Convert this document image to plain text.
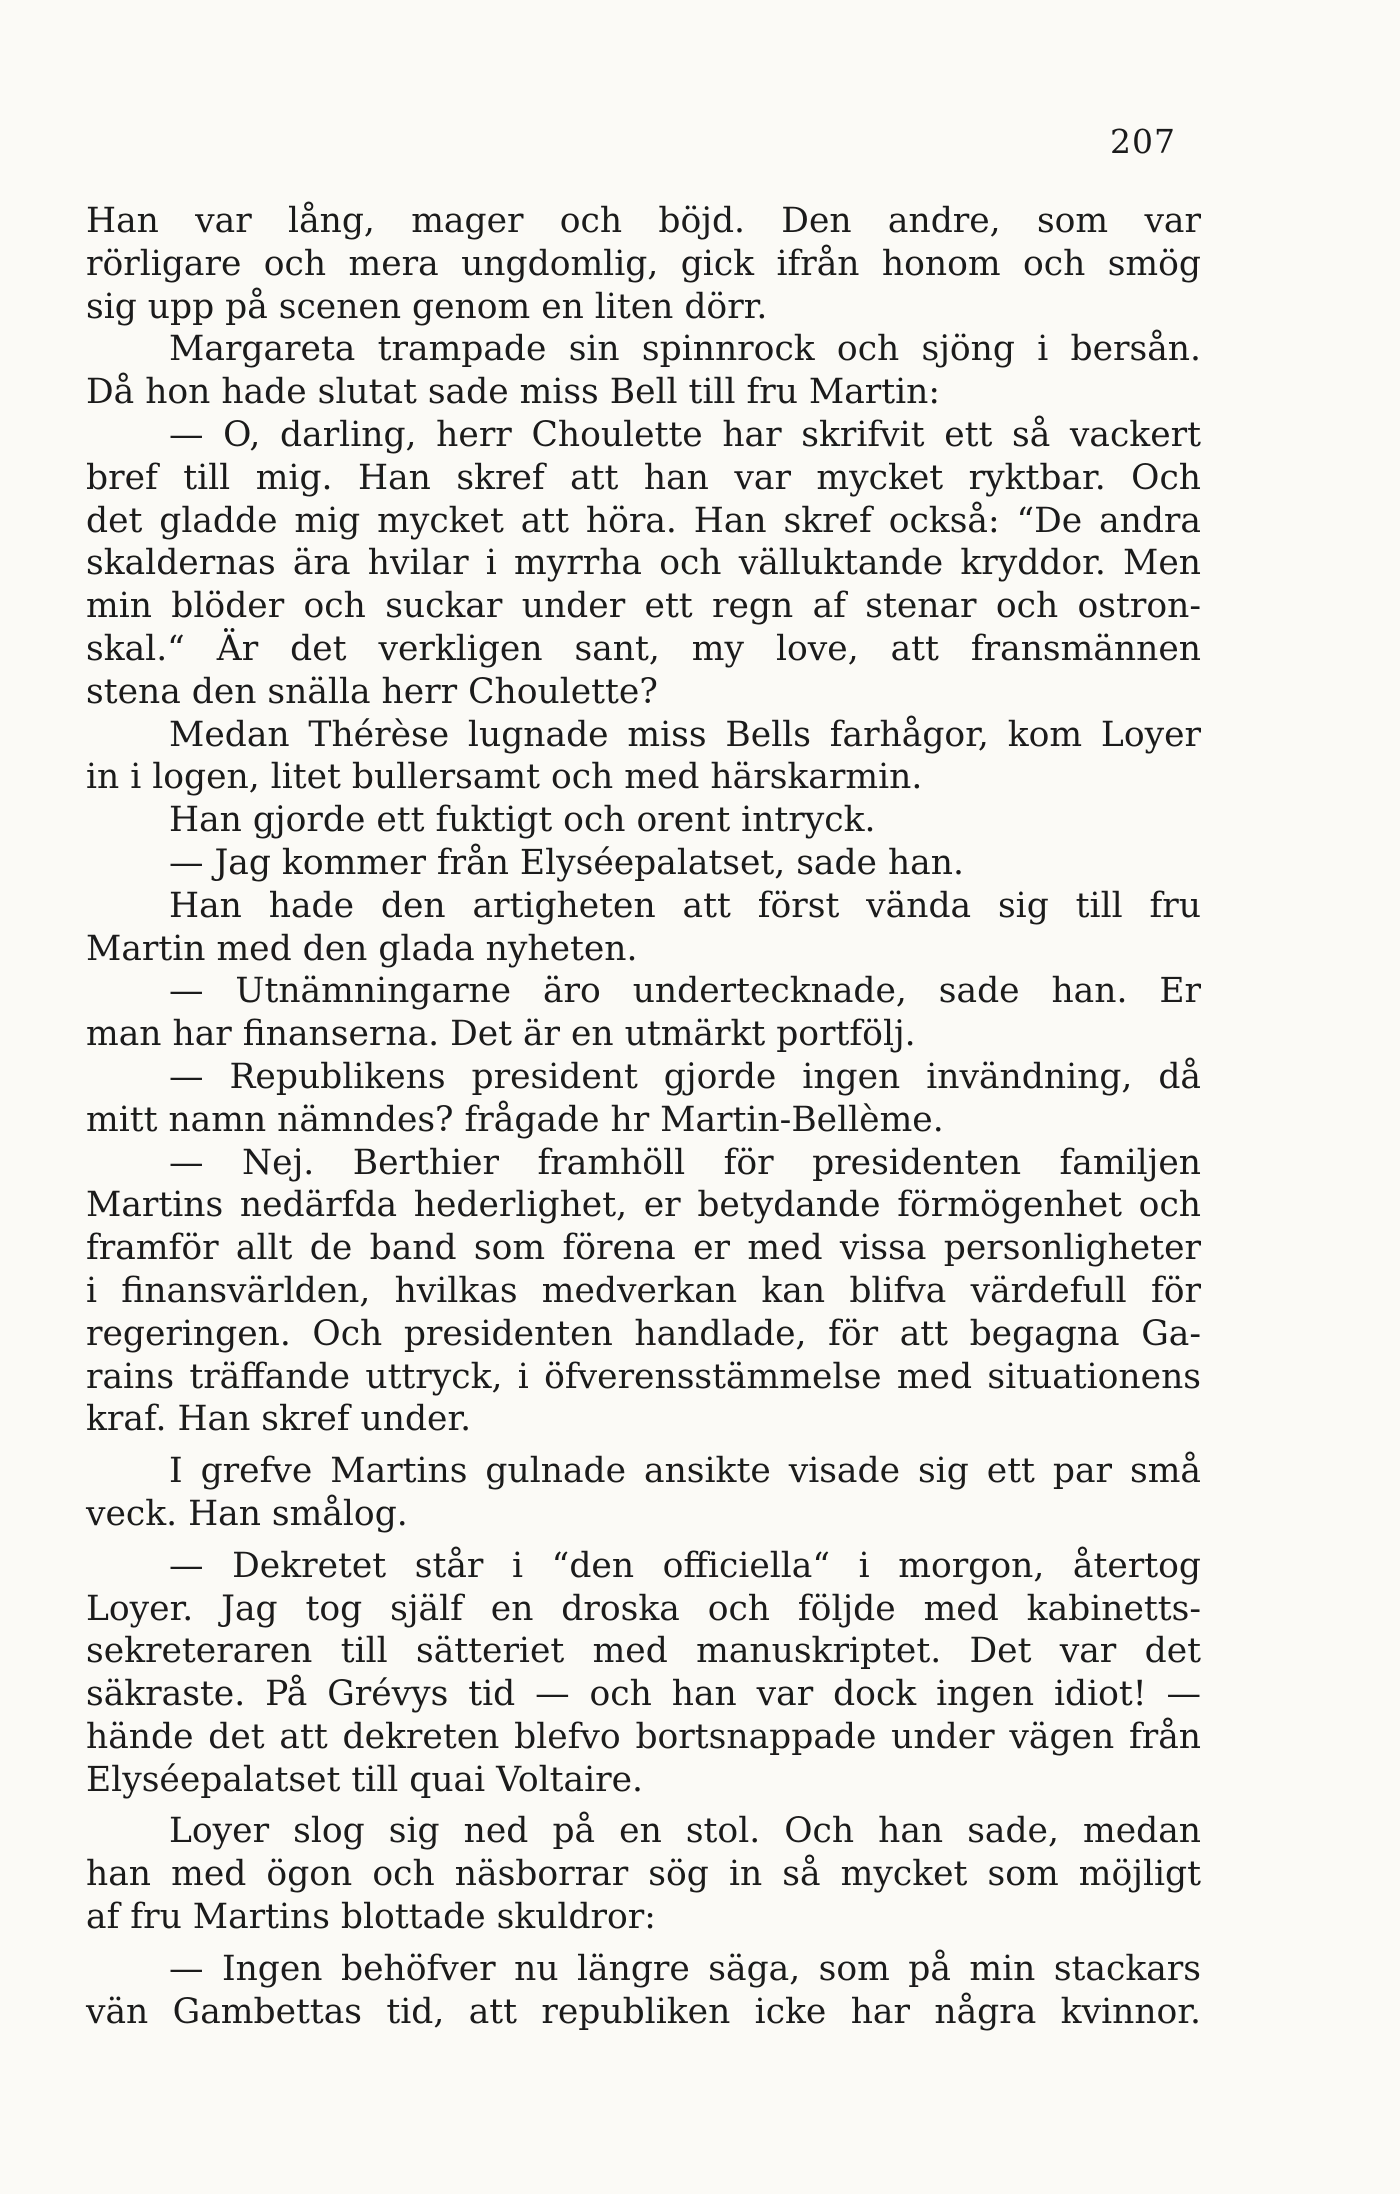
207
Han var lång, mager och böjd. Den andre, som var
rörligare och mera ungdomlig, gick ifrån honom och smög
sig upp på scenen genom en liten dörr.
Margareta trampade sin spinnrock och sjöng i bersån.
Då hon hade slutat sade miss Bell till fru Martin:
— O, darling, herr Choulette har skrifvit ett så vackert
bref till mig. Han skref att han var mycket ryktbar. Och
det gladde mig mycket att höra. Han skref också: “De andra
skaldernas ära hvilar i myrrha och välluktande kryddor. Men
min blöder och suckar under ett regn af stenar och ostron-
skal.“ Är det verkligen sant, my love, att fransmännen
stena den snälla herr Choulette?
Medan Thérèse lugnade miss Bells farhågor, kom Loyer
in i logen, litet bullersamt och med härskarmin.
Han gjorde ett fuktigt och orent intryck.
— Jag kommer från Elyséepalatset, sade han.
Han hade den artigheten att först vända sig till fru
Martin med den glada nyheten.
— Utnämningarne äro undertecknade, sade han. Er
man har finanserna. Det är en utmärkt portfölj.
— Republikens president gjorde ingen invändning, då
mitt namn nämndes? frågade hr Martin-Bellème.
— Nej. Berthier framhöll för presidenten familjen
Martins nedärfda hederlighet, er betydande förmögenhet och
framför allt de band som förena er med vissa personligheter
i finansvärlden, hvilkas medverkan kan blifva värdefull för
regeringen. Och presidenten handlade, för att begagna Ga-
rains träffande uttryck, i öfverensstämmelse med situationens
kraf. Han skref under.
I grefve Martins gulnade ansikte visade sig ett par små
veck. Han smålog.
— Dekretet står i “den officiella“ i morgon, återtog
Loyer. Jag tog själf en droska och följde med kabinetts-
sekreteraren till sätteriet med manuskriptet. Det var det
säkraste. På Grévys tid — och han var dock ingen idiot! —
hände det att dekreten blefvo bortsnappade under vägen från
Elyséepalatset till quai Voltaire.
Loyer slog sig ned på en stol. Och han sade, medan
han med ögon och näsborrar sög in så mycket som möjligt
af fru Martins blottade skuldror:
— Ingen behöfver nu längre säga, som på min stackars
vän Gambettas tid, att republiken icke har några kvinnor.
